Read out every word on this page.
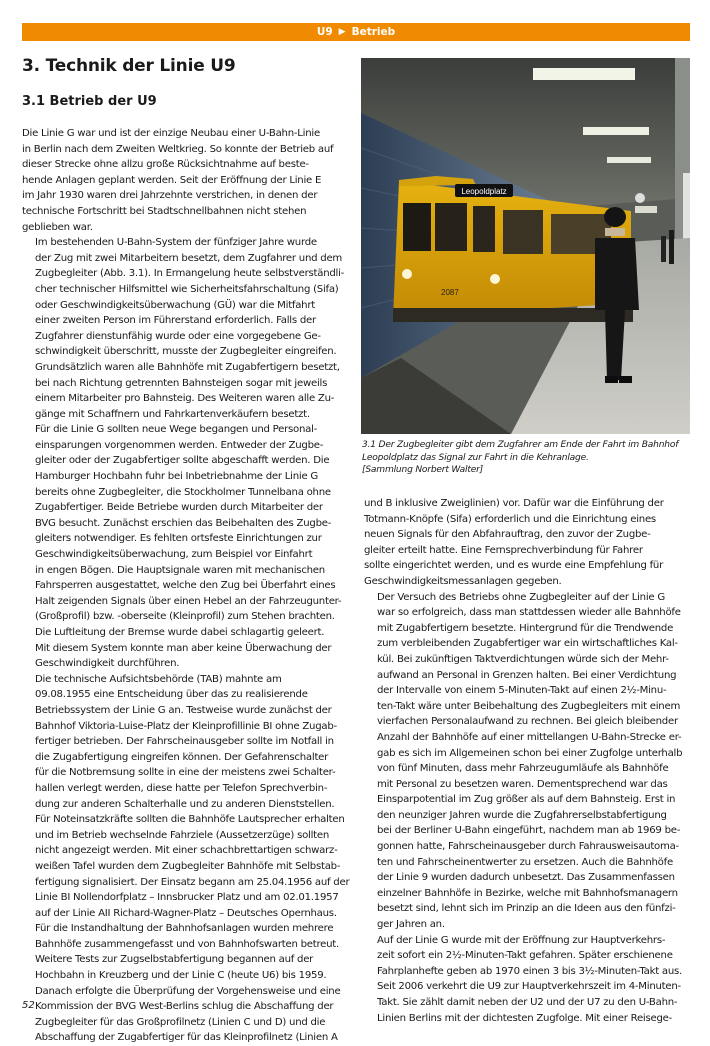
U9 ▶ Betrieb
3. Technik der Linie U9
3.1 Betrieb der U9

Die Linie G war und ist der einzige Neubau einer U-Bahn-Linie
in Berlin nach dem Zweiten Weltkrieg. So konnte der Betrieb auf
dieser Strecke ohne allzu große Rücksichtnahme auf beste-
hende Anlagen geplant werden. Seit der Eröffnung der Linie E
im Jahr 1930 waren drei Jahrzehnte verstrichen, in denen der
technische Fortschritt bei Stadtschnellbahnen nicht stehen
geblieben war.

Im bestehenden U-Bahn-System der fünfziger Jahre wurde
der Zug mit zwei Mitarbeitern besetzt, dem Zugfahrer und dem
Zugbegleiter (Abb. 3.1). In Ermangelung heute selbstverständli-
cher technischer Hilfsmittel wie Sicherheitsfahrschaltung (Sifa)
oder Geschwindigkeitsüberwachung (GÜ) war die Mitfahrt
einer zweiten Person im Führerstand erforderlich. Falls der
Zugfahrer dienstunfähig wurde oder eine vorgegebene Ge-
schwindigkeit überschritt, musste der Zugbegleiter eingreifen.
Grundsätzlich waren alle Bahnhöfe mit Zugabfertigern besetzt,
bei nach Richtung getrennten Bahnsteigen sogar mit jeweils
einem Mitarbeiter pro Bahnsteig. Des Weiteren waren alle Zu-
gänge mit Schaffnern und Fahrkartenverkäufern besetzt.

Für die Linie G sollten neue Wege begangen und Personal-
einsparungen vorgenommen werden. Entweder der Zugbe-
gleiter oder der Zugabfertiger sollte abgeschafft werden. Die
Hamburger Hochbahn fuhr bei Inbetriebnahme der Linie G
bereits ohne Zugbegleiter, die Stockholmer Tunnelbana ohne
Zugabfertiger. Beide Betriebe wurden durch Mitarbeiter der
BVG besucht. Zunächst erschien das Beibehalten des Zugbe-
gleiters notwendiger. Es fehlten ortsfeste Einrichtungen zur
Geschwindigkeitsüberwachung, zum Beispiel vor Einfahrt
in engen Bögen. Die Hauptsignale waren mit mechanischen
Fahrsperren ausgestattet, welche den Zug bei Überfahrt eines
Halt zeigenden Signals über einen Hebel an der Fahrzeugunter-
(Großprofil) bzw. -oberseite (Kleinprofil) zum Stehen brachten.
Die Luftleitung der Bremse wurde dabei schlagartig geleert.
Mit diesem System konnte man aber keine Überwachung der
Geschwindigkeit durchführen.

Die technische Aufsichtsbehörde (TAB) mahnte am
09.08.1955 eine Entscheidung über das zu realisierende
Betriebssystem der Linie G an. Testweise wurde zunächst der
Bahnhof Viktoria-Luise-Platz der Kleinprofillinie BI ohne Zugab-
fertiger betrieben. Der Fahrscheinausgeber sollte im Notfall in
die Zugabfertigung eingreifen können. Der Gefahrenschalter
für die Notbremsung sollte in eine der meistens zwei Schalter-
hallen verlegt werden, diese hatte per Telefon Sprechverbin-
dung zur anderen Schalterhalle und zu anderen Dienststellen.
Für Noteinsatzkräfte sollten die Bahnhöfe Lautsprecher erhalten
und im Betrieb wechselnde Fahrziele (Aussetzerzüge) sollten
nicht angezeigt werden. Mit einer schachbrettartigen schwarz-
weißen Tafel wurden dem Zugbegleiter Bahnhöfe mit Selbstab-
fertigung signalisiert. Der Einsatz begann am 25.04.1956 auf der
Linie BI Nollendorfplatz – Innsbrucker Platz und am 02.01.1957
auf der Linie AII Richard-Wagner-Platz – Deutsches Opernhaus.
Für die Instandhaltung der Bahnhofsanlagen wurden mehrere
Bahnhöfe zusammengefasst und von Bahnhofswarten betreut.
Weitere Tests zur Zugselbstabfertigung begannen auf der
Hochbahn in Kreuzberg und der Linie C (heute U6) bis 1959.
Danach erfolgte die Überprüfung der Vorgehensweise und eine
Kommission der BVG West-Berlins schlug die Abschaffung der
Zugbegleiter für das Großprofilnetz (Linien C und D) und die
Abschaffung der Zugabfertiger für das Kleinprofilnetz (Linien A

Leopoldplatz
2087
3.1 Der Zugbegleiter gibt dem Zugfahrer am Ende der Fahrt im Bahnhof
Leopoldplatz das Signal zur Fahrt in die Kehranlage.
[Sammlung Norbert Walter]

und B inklusive Zweiglinien) vor. Dafür war die Einführung der
Totmann-Knöpfe (Sifa) erforderlich und die Einrichtung eines
neuen Signals für den Abfahrauftrag, den zuvor der Zugbe-
gleiter erteilt hatte. Eine Fernsprechverbindung für Fahrer
sollte eingerichtet werden, und es wurde eine Empfehlung für
Geschwindigkeitsmessanlagen gegeben.

Der Versuch des Betriebs ohne Zugbegleiter auf der Linie G
war so erfolgreich, dass man stattdessen wieder alle Bahnhöfe
mit Zugabfertigern besetzte. Hintergrund für die Trendwende
zum verbleibenden Zugabfertiger war ein wirtschaftliches Kal-
kül. Bei zukünftigen Taktverdichtungen würde sich der Mehr-
aufwand an Personal in Grenzen halten. Bei einer Verdichtung
der Intervalle von einem 5-Minuten-Takt auf einen 2½-Minu-
ten-Takt wäre unter Beibehaltung des Zugbegleiters mit einem
vierfachen Personalaufwand zu rechnen. Bei gleich bleibender
Anzahl der Bahnhöfe auf einer mittellangen U-Bahn-Strecke er-
gab es sich im Allgemeinen schon bei einer Zugfolge unterhalb
von fünf Minuten, dass mehr Fahrzeugumläufe als Bahnhöfe
mit Personal zu besetzen waren. Dementsprechend war das
Einsparpotential im Zug größer als auf dem Bahnsteig. Erst in
den neunziger Jahren wurde die Zugfahrerselbstabfertigung
bei der Berliner U-Bahn eingeführt, nachdem man ab 1969 be-
gonnen hatte, Fahrscheinausgeber durch Fahrausweisautoma-
ten und Fahrscheinentwerter zu ersetzen. Auch die Bahnhöfe
der Linie 9 wurden dadurch unbesetzt. Das Zusammenfassen
einzelner Bahnhöfe in Bezirke, welche mit Bahnhofsmanagern
besetzt sind, lehnt sich im Prinzip an die Ideen aus den fünfzi-
ger Jahren an.

Auf der Linie G wurde mit der Eröffnung zur Hauptverkehrs-
zeit sofort ein 2½-Minuten-Takt gefahren. Später erschienene
Fahrplanhefte geben ab 1970 einen 3 bis 3½-Minuten-Takt aus.
Seit 2006 verkehrt die U9 zur Hauptverkehrszeit im 4-Minuten-
Takt. Sie zählt damit neben der U2 und der U7 zu den U-Bahn-
Linien Berlins mit der dichtesten Zugfolge. Mit einer Reisege-

52
